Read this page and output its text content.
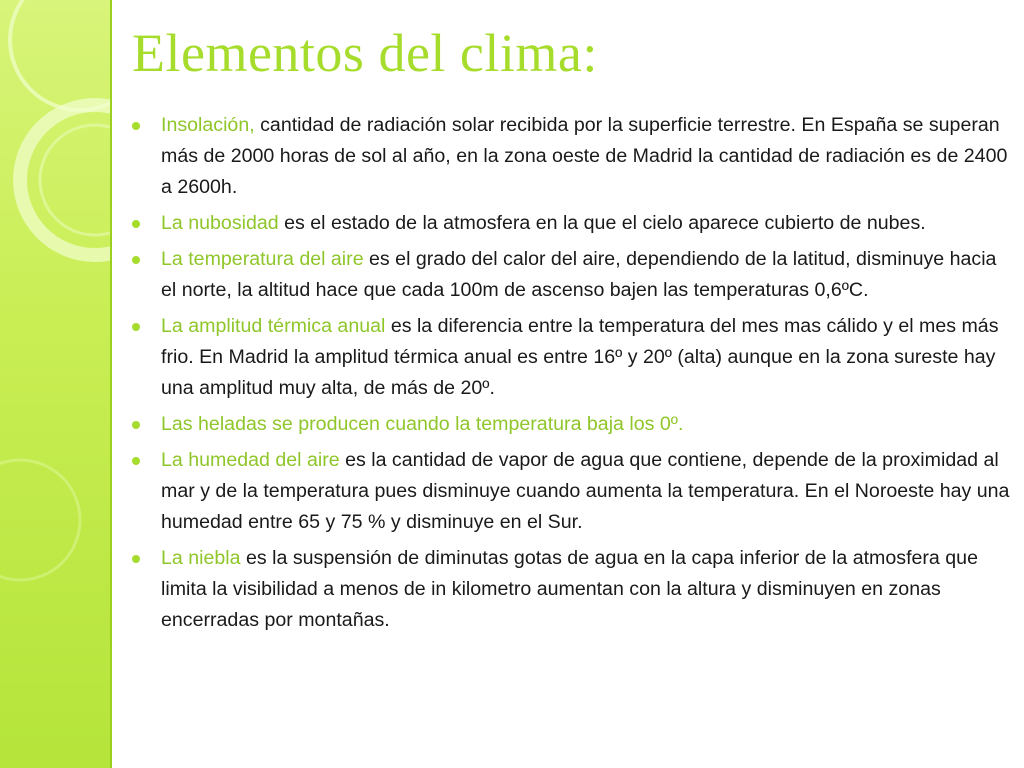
Elementos del clima:
Insolación, cantidad de radiación solar recibida por la superficie terrestre. En España se superan más de 2000 horas de sol al año, en la zona oeste de Madrid la cantidad de radiación es de 2400 a 2600h.
La nubosidad es el estado de la atmosfera en la que el cielo aparece cubierto de nubes.
La temperatura del aire es el grado del calor del aire, dependiendo de la latitud, disminuye hacia el norte, la altitud hace que cada 100m de ascenso bajen las temperaturas 0,6ºC.
La amplitud térmica anual es la diferencia entre la temperatura del mes mas cálido y el mes más frio. En Madrid la amplitud térmica anual es entre 16º y 20º (alta) aunque en la zona sureste hay una amplitud muy alta, de más de 20º.
Las heladas se producen cuando la temperatura baja los 0º.
La humedad del aire es la cantidad de vapor de agua que contiene, depende de la proximidad al mar y de la temperatura pues disminuye cuando aumenta la temperatura. En el Noroeste hay una humedad entre 65 y 75 % y disminuye en el Sur.
La niebla es la suspensión de diminutas gotas de agua en la capa inferior de la atmosfera que limita la visibilidad a menos de in kilometro aumentan con la altura y disminuyen en zonas encerradas por montañas.
